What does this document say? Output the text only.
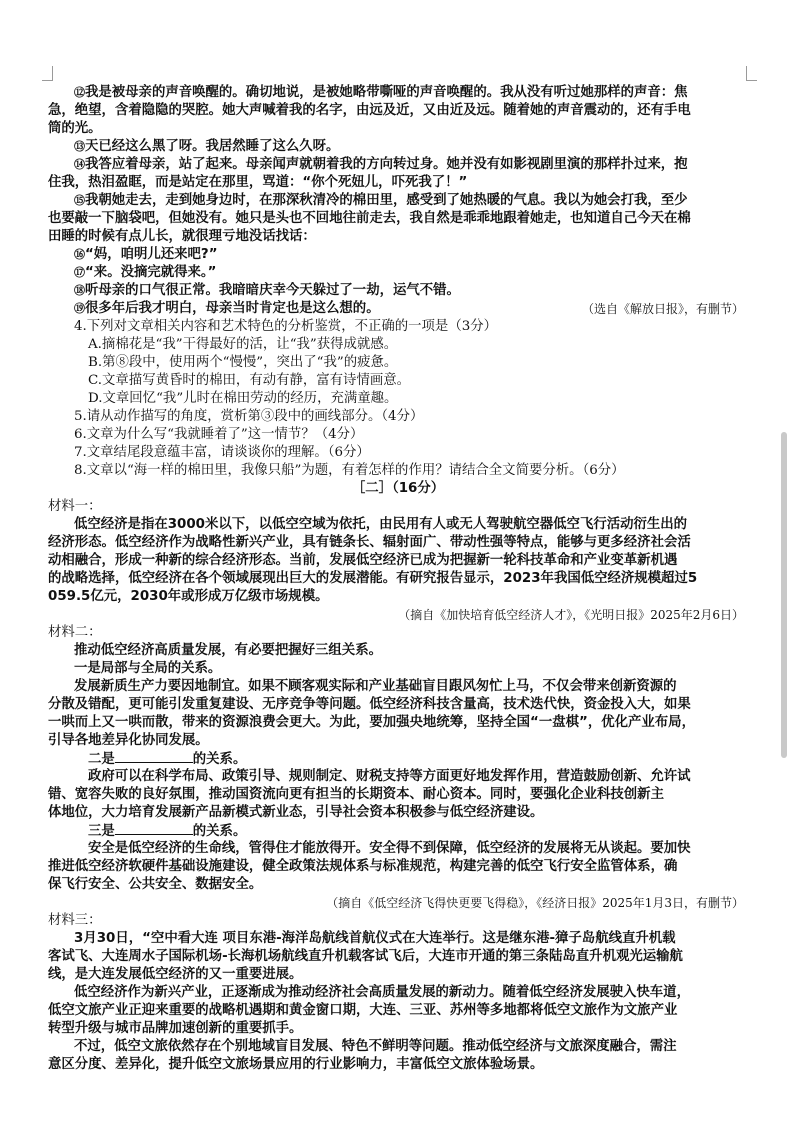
⑫我是被母亲的声音唤醒的。确切地说，是被她略带嘶哑的声音唤醒的。我从没有听过她那样的声音：焦

急，绝望，含着隐隐的哭腔。她大声喊着我的名字，由远及近，又由近及远。随着她的声音震动的，还有手电

筒的光。

⑬天已经这么黑了呀。我居然睡了这么久呀。

⑭我答应着母亲，站了起来。母亲闻声就朝着我的方向转过身。她并没有如影视剧里演的那样扑过来，抱

住我，热泪盈眶，而是站定在那里，骂道：“你个死妞儿，吓死我了！”

⑮我朝她走去，走到她身边时，在那深秋清冷的棉田里，感受到了她热暖的气息。我以为她会打我，至少

也要敲一下脑袋吧，但她没有。她只是头也不回地往前走去，我自然是乖乖地跟着她走，也知道自己今天在棉

田睡的时候有点儿长，就很理亏地没话找话：

⑯“妈，咱明儿还来吧?”

⑰“来。没摘完就得来。”

⑱听母亲的口气很正常。我暗暗庆幸今天躲过了一劫，运气不错。

⑲很多年后我才明白，母亲当时肯定也是这么想的。	（选自《解放日报》，有删节）

4.下列对文章相关内容和艺术特色的分析鉴赏，不正确的一项是（3分）

A.摘棉花是“我”干得最好的活，让“我”获得成就感。

B.第⑧段中，使用两个“慢慢”，突出了“我”的疲惫。

C.文章描写黄昏时的棉田，有动有静，富有诗情画意。

D.文章回忆“我”儿时在棉田劳动的经历，充满童趣。

5.请从动作描写的角度，赏析第③段中的画线部分。（4分）

6.文章为什么写“我就睡着了”这一情节？（4分）

7.文章结尾段意蕴丰富，请谈谈你的理解。（6分）

8.文章以“海一样的棉田里，我像只船”为题，有着怎样的作用？请结合全文简要分析。（6分）

［二］（16分）

材料一：

低空经济是指在3000米以下，以低空空域为依托，由民用有人或无人驾驶航空器低空飞行活动衍生出的

经济形态。低空经济作为战略性新兴产业，具有链条长、辐射面广、带动性强等特点，能够与更多经济社会活

动相融合，形成一种新的综合经济形态。当前，发展低空经济已成为把握新一轮科技革命和产业变革新机遇

的战略选择，低空经济在各个领域展现出巨大的发展潜能。有研究报告显示，2023年我国低空经济规模超过5

059.5亿元，2030年或形成万亿级市场规模。

（摘自《加快培育低空经济人才》，《光明日报》2025年2月6日）

材料二：

推动低空经济高质量发展，有必要把握好三组关系。

一是局部与全局的关系。

发展新质生产力要因地制宜。如果不顾客观实际和产业基础盲目跟风匆忙上马，不仅会带来创新资源的

分散及错配，更可能引发重复建设、无序竞争等问题。低空经济科技含量高，技术迭代快，资金投入大，如果

一哄而上又一哄而散，带来的资源浪费会更大。为此，要加强央地统筹，坚持全国“一盘棋”，优化产业布局，

引导各地差异化协同发展。

二是	的关系。

政府可以在科学布局、政策引导、规则制定、财税支持等方面更好地发挥作用，营造鼓励创新、允许试

错、宽容失败的良好氛围，推动国资流向更有担当的长期资本、耐心资本。同时，要强化企业科技创新主

体地位，大力培育发展新产品新模式新业态，引导社会资本积极参与低空经济建设。

三是	的关系。

安全是低空经济的生命线，管得住才能放得开。安全得不到保障，低空经济的发展将无从谈起。要加快

推进低空经济软硬件基础设施建设，健全政策法规体系与标准规范，构建完善的低空飞行安全监管体系，确

保飞行安全、公共安全、数据安全。

（摘自《低空经济飞得快更要飞得稳》，《经济日报》2025年1月3日，有删节）

材料三：

3月30日，“空中看大连 项目东港-海洋岛航线首航仪式在大连举行。这是继东港-獐子岛航线直升机载

客试飞、大连周水子国际机场-长海机场航线直升机载客试飞后，大连市开通的第三条陆岛直升机观光运输航

线，是大连发展低空经济的又一重要进展。

低空经济作为新兴产业，正逐渐成为推动经济社会高质量发展的新动力。随着低空经济发展驶入快车道，

低空文旅产业正迎来重要的战略机遇期和黄金窗口期，大连、三亚、苏州等多地都将低空文旅作为文旅产业

转型升级与城市品牌加速创新的重要抓手。

不过，低空文旅依然存在个别地域盲目发展、特色不鲜明等问题。推动低空经济与文旅深度融合，需注

意区分度、差异化，提升低空文旅场景应用的行业影响力，丰富低空文旅体验场景。
